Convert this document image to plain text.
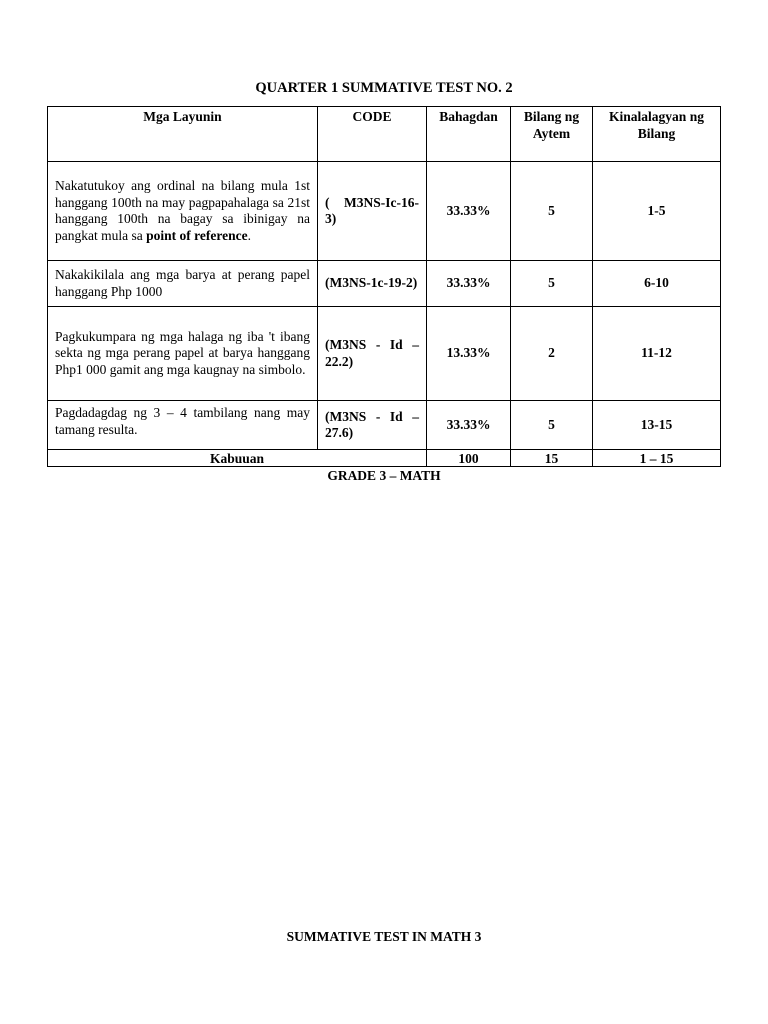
QUARTER 1 SUMMATIVE TEST NO. 2
Mga Layunin	CODE	Bahagdan	Bilang ng Aytem	Kinalalagyan ng Bilang
Nakatutukoy ang ordinal na bilang mula 1st hanggang 100th na may pagpapahalaga sa 21st hanggang 100th na bagay sa ibinigay na pangkat mula sa point of reference.	( M3NS-Ic-16-3)	33.33%	5	1-5
Nakakikilala ang mga barya at perang papel hanggang Php 1000	(M3NS-1c-19-2)	33.33%	5	6-10
Pagkukumpara ng mga halaga ng iba 't ibang sekta ng mga perang papel at barya hanggang Php1 000 gamit ang mga kaugnay na simbolo.	(M3NS - Id – 22.2)	13.33%	2	11-12
Pagdadagdag ng 3 – 4 tambilang nang may tamang resulta.	(M3NS - Id – 27.6)	33.33%	5	13-15
Kabuuan		100	15	1 – 15
GRADE 3 – MATH
SUMMATIVE TEST IN MATH 3
